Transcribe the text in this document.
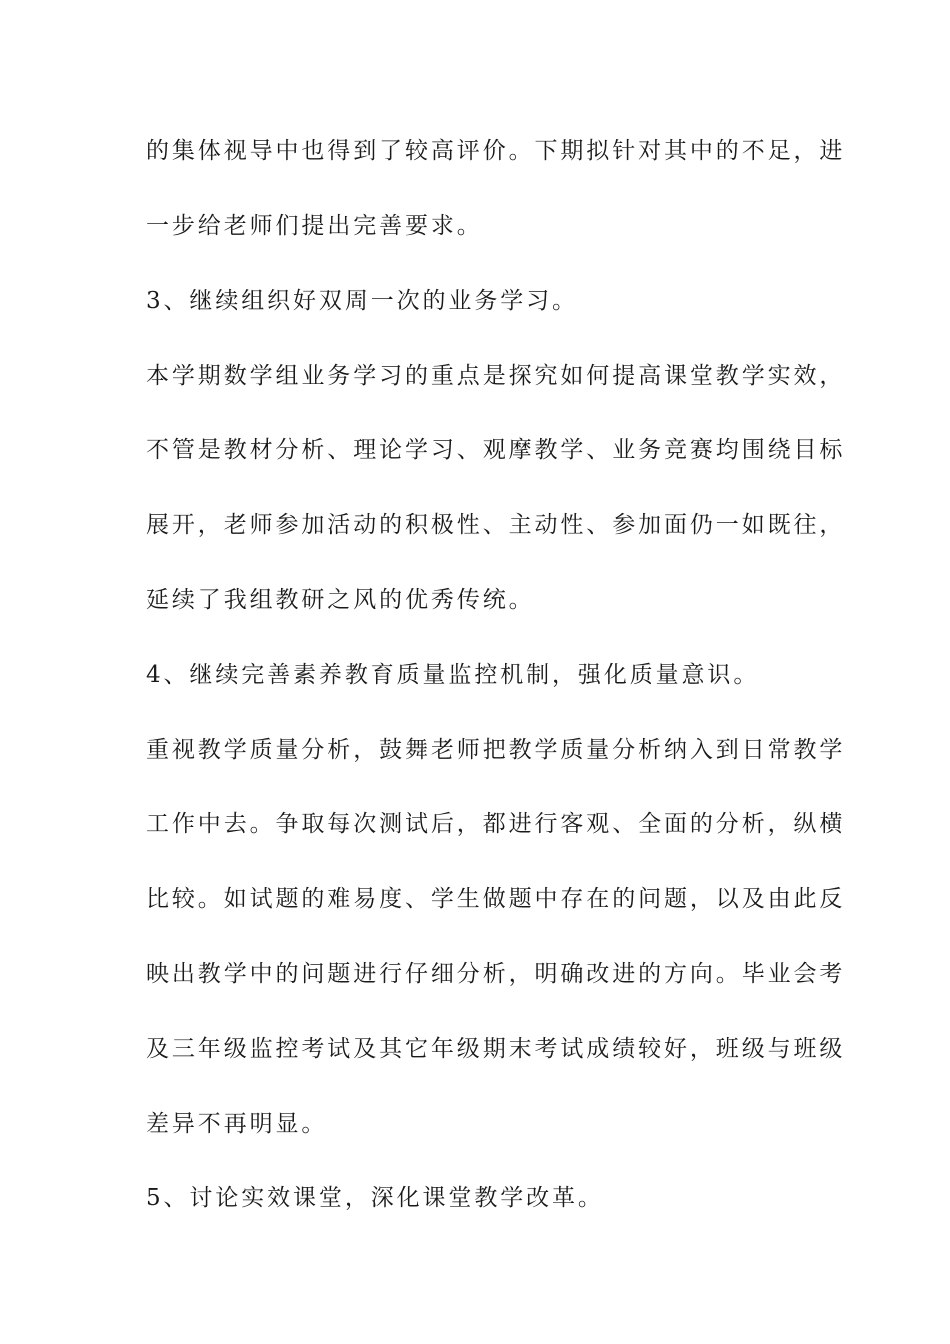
的集体视导中也得到了较高评价。下期拟针对其中的不足，进
一步给老师们提出完善要求。
3、继续组织好双周一次的业务学习。
本学期数学组业务学习的重点是探究如何提高课堂教学实效，
不管是教材分析、理论学习、观摩教学、业务竞赛均围绕目标
展开，老师参加活动的积极性、主动性、参加面仍一如既往，
延续了我组教研之风的优秀传统。
4、继续完善素养教育质量监控机制，强化质量意识。
重视教学质量分析，鼓舞老师把教学质量分析纳入到日常教学
工作中去。争取每次测试后，都进行客观、全面的分析，纵横
比较。如试题的难易度、学生做题中存在的问题，以及由此反
映出教学中的问题进行仔细分析，明确改进的方向。毕业会考
及三年级监控考试及其它年级期末考试成绩较好，班级与班级
差异不再明显。
5、讨论实效课堂，深化课堂教学改革。
